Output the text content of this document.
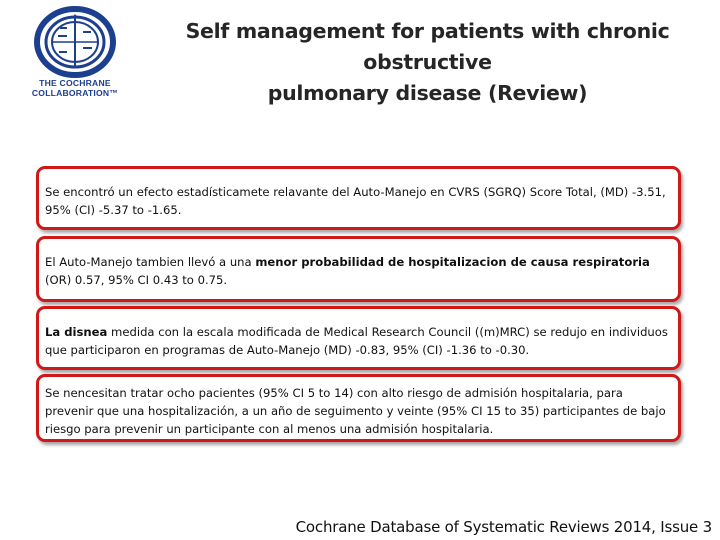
THE COCHRANE
COLLABORATION™
Self management for patients with chronic obstructive
pulmonary disease (Review)
Se encontró un efecto estadísticamete relavante del Auto-Manejo en CVRS (SGRQ) Score Total, (MD) -3.51, 95% (CI) -5.37 to -1.65.
El Auto-Manejo tambien llevó a una menor probabilidad de hospitalizacion de causa respiratoria (OR) 0.57, 95% CI 0.43 to 0.75.
La disnea medida con la escala modificada de Medical Research Council ((m)MRC) se redujo en individuos que participaron en programas de Auto-Manejo (MD) -0.83, 95% (CI) -1.36 to -0.30.
Se nencesitan tratar ocho pacientes (95% CI 5 to 14) con alto riesgo de admisión hospitalaria, para prevenir que una hospitalización, a un año de seguimento y veinte (95% CI 15 to 35) participantes de bajo riesgo para prevenir un participante con al menos una admisión hospitalaria.
Cochrane Database of Systematic Reviews 2014, Issue 3
